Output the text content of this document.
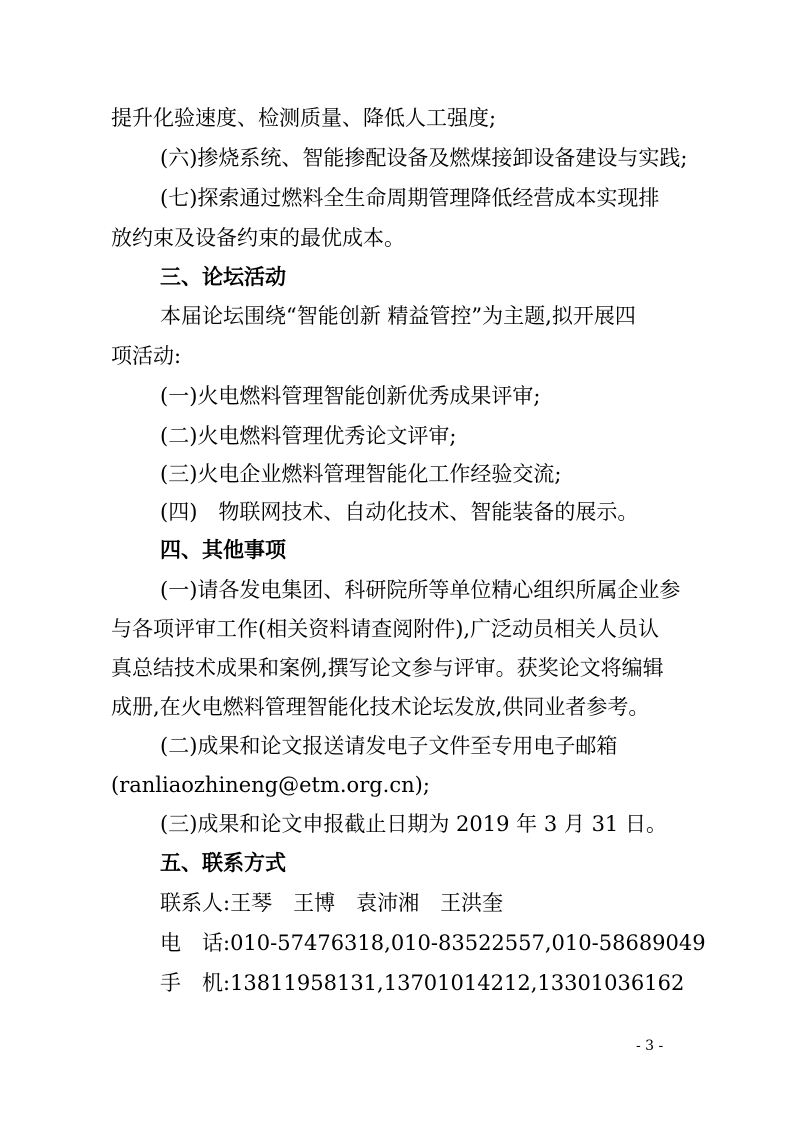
提升化验速度、检测质量、降低人工强度;
(六)掺烧系统、智能掺配设备及燃煤接卸设备建设与实践;
(七)探索通过燃料全生命周期管理降低经营成本实现排
放约束及设备约束的最优成本。
三、论坛活动
本届论坛围绕“智能创新 精益管控”为主题,拟开展四
项活动:
(一)火电燃料管理智能创新优秀成果评审;
(二)火电燃料管理优秀论文评审;
(三)火电企业燃料管理智能化工作经验交流;
(四)　物联网技术、自动化技术、智能装备的展示。
四、其他事项
(一)请各发电集团、科研院所等单位精心组织所属企业参
与各项评审工作(相关资料请查阅附件),广泛动员相关人员认
真总结技术成果和案例,撰写论文参与评审。获奖论文将编辑
成册,在火电燃料管理智能化技术论坛发放,供同业者参考。
(二)成果和论文报送请发电子文件至专用电子邮箱
(ranliaozhineng@etm.org.cn);
(三)成果和论文申报截止日期为 2019 年 3 月 31 日。
五、联系方式
联系人:王琴　王博　袁沛湘　王洪奎
电　话:010-57476318,010-83522557,010-58689049
手　机:13811958131,13701014212,13301036162
- 3 -
